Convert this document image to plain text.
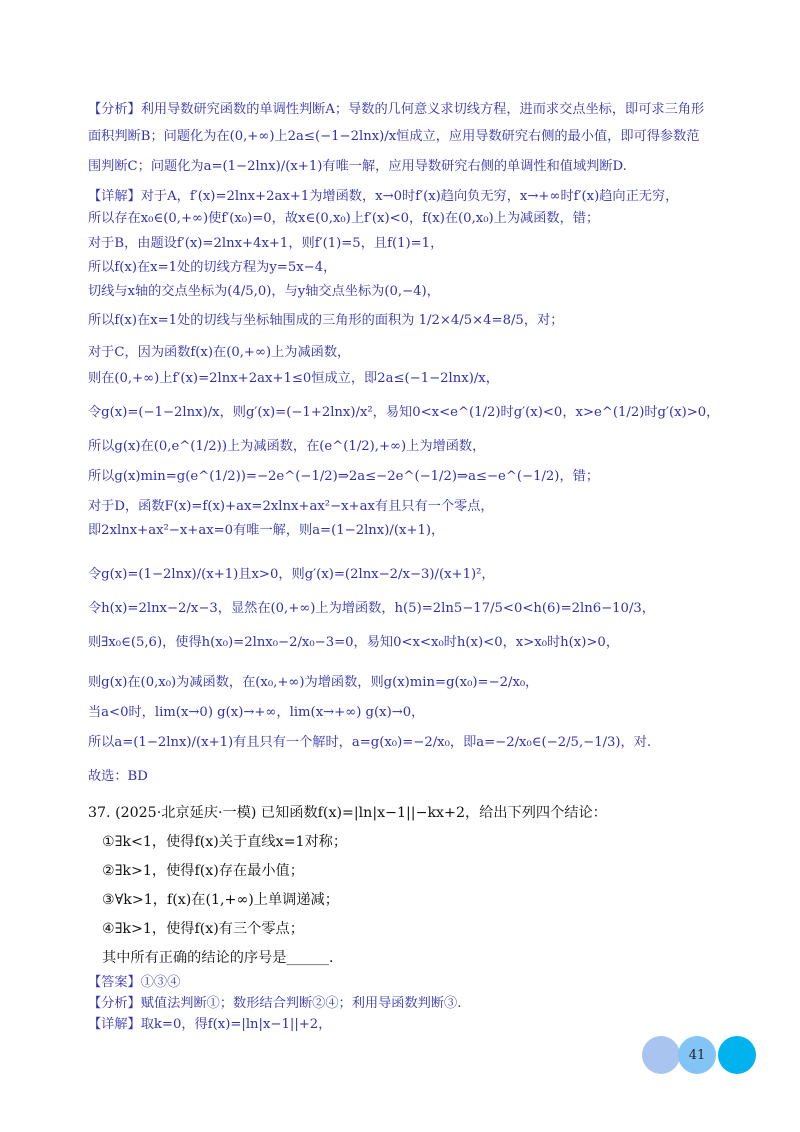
【分析】利用导数研究函数的单调性判断A；导数的几何意义求切线方程，进而求交点坐标，即可求三角形
面积判断B；问题化为在(0,+∞)上2a≤(−1−2lnx)/x恒成立，应用导数研究右侧的最小值，即可得参数范
围判断C；问题化为a=(1−2lnx)/(x+1)有唯一解，应用导数研究右侧的单调性和值域判断D.
【详解】对于A，f′(x)=2lnx+2ax+1为增函数，x→0时f′(x)趋向负无穷，x→+∞时f′(x)趋向正无穷，
所以存在x₀∈(0,+∞)使f′(x₀)=0，故x∈(0,x₀)上f′(x)<0，f(x)在(0,x₀)上为减函数，错；
对于B，由题设f′(x)=2lnx+4x+1，则f′(1)=5，且f(1)=1，
所以f(x)在x=1处的切线方程为y=5x−4，
切线与x轴的交点坐标为(4/5,0)，与y轴交点坐标为(0,−4)，
所以f(x)在x=1处的切线与坐标轴围成的三角形的面积为 1/2×4/5×4=8/5，对；
对于C，因为函数f(x)在(0,+∞)上为减函数，
则在(0,+∞)上f′(x)=2lnx+2ax+1≤0恒成立，即2a≤(−1−2lnx)/x，
令g(x)=(−1−2lnx)/x，则g′(x)=(−1+2lnx)/x²，易知0<x<e^(1/2)时g′(x)<0，x>e^(1/2)时g′(x)>0，
所以g(x)在(0,e^(1/2))上为减函数，在(e^(1/2),+∞)上为增函数，
所以g(x)min=g(e^(1/2))=−2e^(−1/2)⇒2a≤−2e^(−1/2)⇒a≤−e^(−1/2)，错；
对于D，函数F(x)=f(x)+ax=2xlnx+ax²−x+ax有且只有一个零点，
即2xlnx+ax²−x+ax=0有唯一解，则a=(1−2lnx)/(x+1)，
令g(x)=(1−2lnx)/(x+1)且x>0，则g′(x)=(2lnx−2/x−3)/(x+1)²，
令h(x)=2lnx−2/x−3，显然在(0,+∞)上为增函数，h(5)=2ln5−17/5<0<h(6)=2ln6−10/3，
则∃x₀∈(5,6)，使得h(x₀)=2lnx₀−2/x₀−3=0，易知0<x<x₀时h(x)<0，x>x₀时h(x)>0，
则g(x)在(0,x₀)为减函数，在(x₀,+∞)为增函数，则g(x)min=g(x₀)=−2/x₀，
当a<0时，lim(x→0) g(x)→+∞，lim(x→+∞) g(x)→0，
所以a=(1−2lnx)/(x+1)有且只有一个解时，a=g(x₀)=−2/x₀，即a=−2/x₀∈(−2/5,−1/3)，对.
故选：BD
37. (2025·北京延庆·一模) 已知函数f(x)=|ln|x−1||−kx+2，给出下列四个结论：
①∃k<1，使得f(x)关于直线x=1对称；
②∃k>1，使得f(x)存在最小值；
③∀k>1，f(x)在(1,+∞)上单调递减；
④∃k>1，使得f(x)有三个零点；
其中所有正确的结论的序号是______.
【答案】①③④
【分析】赋值法判断①；数形结合判断②④；利用导函数判断③.
【详解】取k=0，得f(x)=|ln|x−1||+2，
41
